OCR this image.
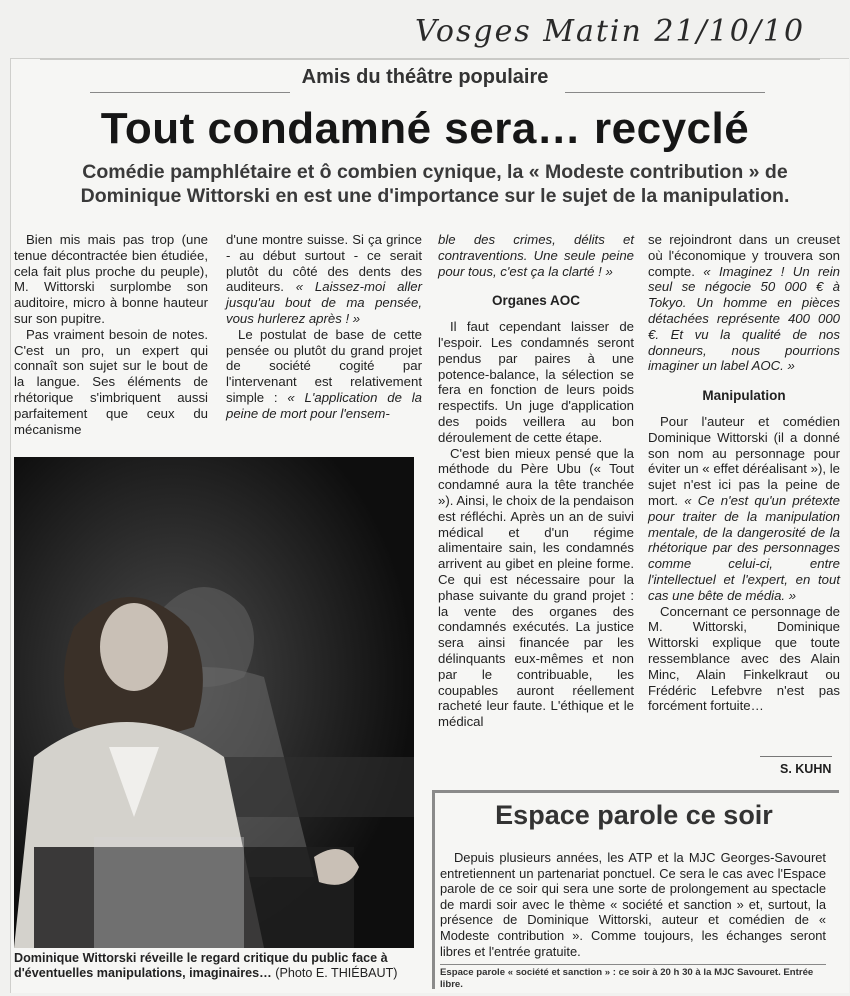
Vosges Matin 21/10/10
Amis du théâtre populaire
Tout condamné sera… recyclé
Comédie pamphlétaire et ô combien cynique, la « Modeste contribution » de Dominique Wittorski en est une d'importance sur le sujet de la manipulation.

Bien mis mais pas trop (une tenue décontractée bien étudiée, cela fait plus proche du peuple), M. Wittorski surplombe son auditoire, micro à bonne hauteur sur son pupitre.

Pas vraiment besoin de notes. C'est un pro, un expert qui connaît son sujet sur le bout de la langue. Ses éléments de rhétorique s'imbriquent aussi parfaitement que ceux du mécanisme

d'une montre suisse. Si ça grince - au début surtout - ce serait plutôt du côté des dents des auditeurs. « Laissez-moi aller jusqu'au bout de ma pensée, vous hurlerez après ! »

Le postulat de base de cette pensée ou plutôt du grand projet de société cogité par l'intervenant est relativement simple : « L'application de la peine de mort pour l'ensem-

ble des crimes, délits et contraventions. Une seule peine pour tous, c'est ça la clarté ! »

Organes AOC

Il faut cependant laisser de l'espoir. Les condamnés seront pendus par paires à une potence-balance, la sélection se fera en fonction de leurs poids respectifs. Un juge d'application des poids veillera au bon déroulement de cette étape.

C'est bien mieux pensé que la méthode du Père Ubu (« Tout condamné aura la tête tranchée »). Ainsi, le choix de la pendaison est réfléchi. Après un an de suivi médical et d'un régime alimentaire sain, les condamnés arrivent au gibet en pleine forme. Ce qui est nécessaire pour la phase suivante du grand projet : la vente des organes des condamnés exécutés. La justice sera ainsi financée par les délinquants eux-mêmes et non par le contribuable, les coupables auront réellement racheté leur faute. L'éthique et le médical

se rejoindront dans un creuset où l'économique y trouvera son compte. « Imaginez ! Un rein seul se négocie 50 000 € à Tokyo. Un homme en pièces détachées représente 400 000 €. Et vu la qualité de nos donneurs, nous pourrions imaginer un label AOC. »

Manipulation

Pour l'auteur et comédien Dominique Wittorski (il a donné son nom au personnage pour éviter un « effet déréalisant »), le sujet n'est ici pas la peine de mort. « Ce n'est qu'un prétexte pour traiter de la manipulation mentale, de la dangerosité de la rhétorique par des personnages comme celui-ci, entre l'intellectuel et l'expert, en tout cas une bête de média. »

Concernant ce personnage de M. Wittorski, Dominique Wittorski explique que toute ressemblance avec des Alain Minc, Alain Finkelkraut ou Frédéric Lefebvre n'est pas forcément fortuite…

S. KUHN
Dominique Wittorski réveille le regard critique du public face à d'éventuelles manipulations, imaginaires… (Photo E. THIÉBAUT)
Espace parole ce soir

Depuis plusieurs années, les ATP et la MJC Georges-Savouret entretiennent un partenariat ponctuel. Ce sera le cas avec l'Espace parole de ce soir qui sera une sorte de prolongement au spectacle de mardi soir avec le thème « société et sanction » et, surtout, la présence de Dominique Wittorski, auteur et comédien de « Modeste contribution ». Comme toujours, les échanges seront libres et l'entrée gratuite.

Espace parole « société et sanction » : ce soir à 20 h 30 à la MJC Savouret. Entrée libre.
